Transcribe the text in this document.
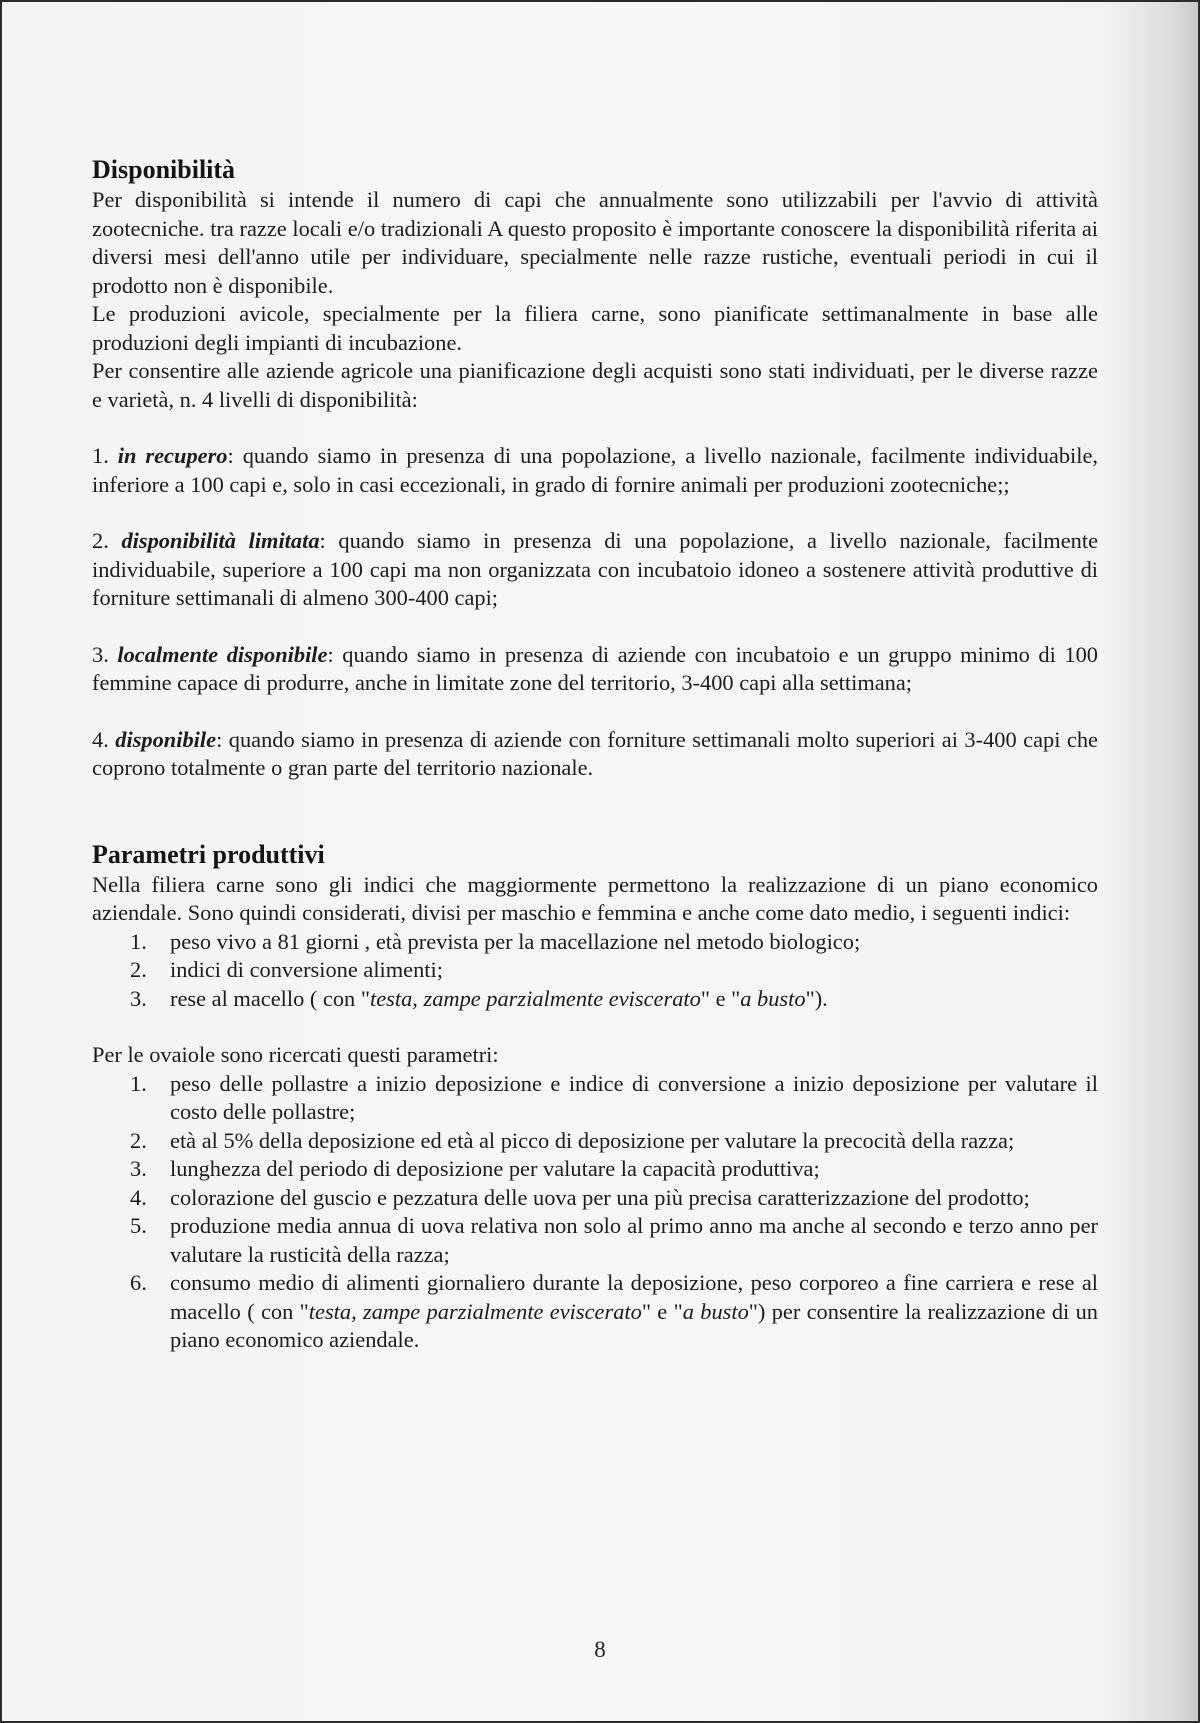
Disponibilità

Per disponibilità si intende il numero di capi che annualmente sono utilizzabili per l'avvio di attività zootecniche. tra razze locali e/o tradizionali A questo proposito è importante conoscere la disponibilità riferita ai diversi mesi dell'anno utile per individuare, specialmente nelle razze rustiche, eventuali periodi in cui il prodotto non è disponibile.

Le produzioni avicole, specialmente per la filiera carne, sono pianificate settimanalmente in base alle produzioni degli impianti di incubazione.

Per consentire alle aziende agricole una pianificazione degli acquisti sono stati individuati, per le diverse razze e varietà, n. 4 livelli di disponibilità:

1. in recupero: quando siamo in presenza di una popolazione, a livello nazionale, facilmente individuabile, inferiore a 100 capi e, solo in casi eccezionali, in grado di fornire animali per produzioni zootecniche;;

2. disponibilità limitata: quando siamo in presenza di una popolazione, a livello nazionale, facilmente individuabile, superiore a 100 capi ma non organizzata con incubatoio idoneo a sostenere attività produttive di forniture settimanali di almeno 300-400 capi;

3. localmente disponibile: quando siamo in presenza di aziende con incubatoio e un gruppo minimo di 100 femmine capace di produrre, anche in limitate zone del territorio, 3-400 capi alla settimana;

4. disponibile: quando siamo in presenza di aziende con forniture settimanali molto superiori ai 3-400 capi che coprono totalmente o gran parte del territorio nazionale.

Parametri produttivi

Nella filiera carne sono gli indici che maggiormente permettono la realizzazione di un piano economico aziendale. Sono quindi considerati, divisi per maschio e femmina e anche come dato medio, i seguenti indici:

1. peso vivo a 81 giorni , età prevista per la macellazione nel metodo biologico;
2. indici di conversione alimenti;
3. rese al macello ( con "testa, zampe parzialmente eviscerato" e "a busto").

Per le ovaiole sono ricercati questi parametri:

1. peso delle pollastre a inizio deposizione e indice di conversione a inizio deposizione per valutare il costo delle pollastre;
2. età al 5% della deposizione ed età al picco di deposizione per valutare la precocità della razza;
3. lunghezza del periodo di deposizione per valutare la capacità produttiva;
4. colorazione del guscio e pezzatura delle uova per una più precisa caratterizzazione del prodotto;
5. produzione media annua di uova relativa non solo al primo anno ma anche al secondo e terzo anno per valutare la rusticità della razza;
6. consumo medio di alimenti giornaliero durante la deposizione, peso corporeo a fine carriera e rese al macello ( con "testa, zampe parzialmente eviscerato" e "a busto") per consentire la realizzazione di un piano economico aziendale.
8
